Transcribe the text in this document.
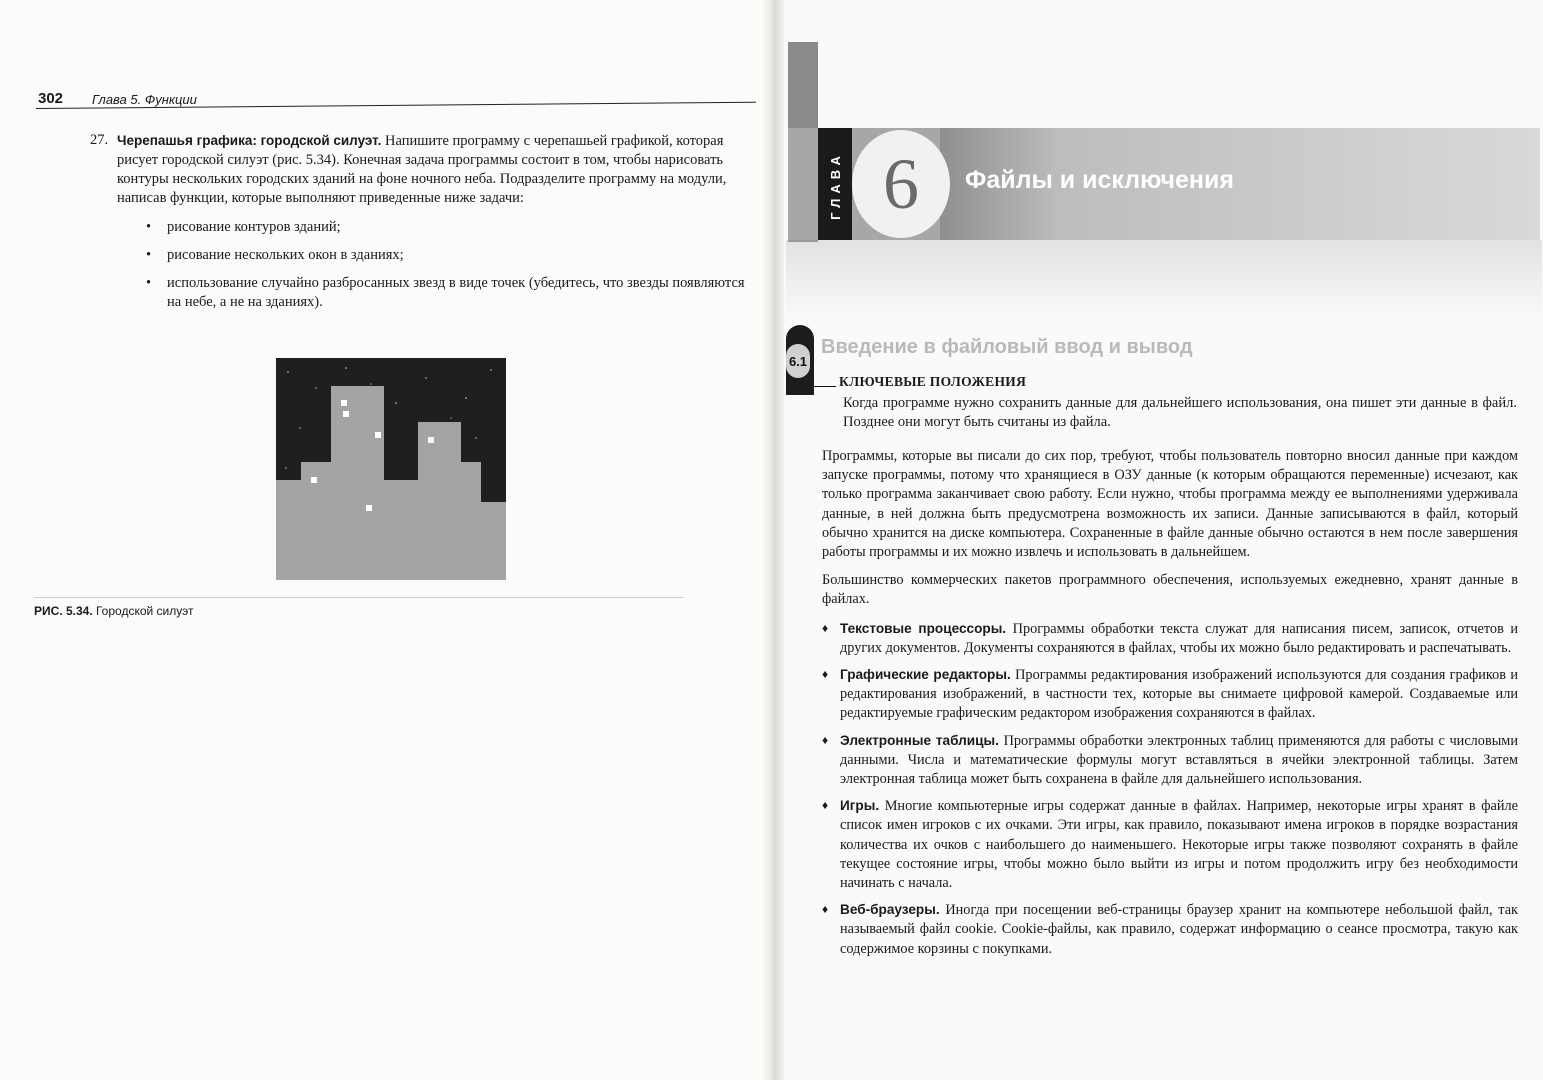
302 Глава 5. Функции
27. Черепашья графика: городской силуэт. Напишите программу с черепашьей графикой, которая рисует городской силуэт (рис. 5.34). Конечная задача программы состоит в том, чтобы нарисовать контуры нескольких городских зданий на фоне ночного неба. Подразделите программу на модули, написав функции, которые выполняют приведенные ниже задачи:
• рисование контуров зданий;
• рисование нескольких окон в зданиях;
• использование случайно разбросанных звезд в виде точек (убедитесь, что звезды появляются на небе, а не на зданиях).
РИС. 5.34. Городской силуэт
ГЛАВА 6 Файлы и исключения
6.1
Введение в файловый ввод и вывод
КЛЮЧЕВЫЕ ПОЛОЖЕНИЯ
Когда программе нужно сохранить данные для дальнейшего использования, она пишет эти данные в файл. Позднее они могут быть считаны из файла.

Программы, которые вы писали до сих пор, требуют, чтобы пользователь повторно вносил данные при каждом запуске программы, потому что хранящиеся в ОЗУ данные (к которым обращаются переменные) исчезают, как только программа заканчивает свою работу. Если нужно, чтобы программа между ее выполнениями удерживала данные, в ней должна быть предусмотрена возможность их записи. Данные записываются в файл, который обычно хранится на диске компьютера. Сохраненные в файле данные обычно остаются в нем после завершения работы программы и их можно извлечь и использовать в дальнейшем.

Большинство коммерческих пакетов программного обеспечения, используемых ежедневно, хранят данные в файлах.

♦ Текстовые процессоры. Программы обработки текста служат для написания писем, записок, отчетов и других документов. Документы сохраняются в файлах, чтобы их можно было редактировать и распечатывать.
♦ Графические редакторы. Программы редактирования изображений используются для создания графиков и редактирования изображений, в частности тех, которые вы снимаете цифровой камерой. Создаваемые или редактируемые графическим редактором изображения сохраняются в файлах.
♦ Электронные таблицы. Программы обработки электронных таблиц применяются для работы с числовыми данными. Числа и математические формулы могут вставляться в ячейки электронной таблицы. Затем электронная таблица может быть сохранена в файле для дальнейшего использования.
♦ Игры. Многие компьютерные игры содержат данные в файлах. Например, некоторые игры хранят в файле список имен игроков с их очками. Эти игры, как правило, показывают имена игроков в порядке возрастания количества их очков с наибольшего до наименьшего. Некоторые игры также позволяют сохранять в файле текущее состояние игры, чтобы можно было выйти из игры и потом продолжить игру без необходимости начинать с начала.
♦ Веб-браузеры. Иногда при посещении веб-страницы браузер хранит на компьютере небольшой файл, так называемый файл cookie. Cookie-файлы, как правило, содержат информацию о сеансе просмотра, такую как содержимое корзины с покупками.
